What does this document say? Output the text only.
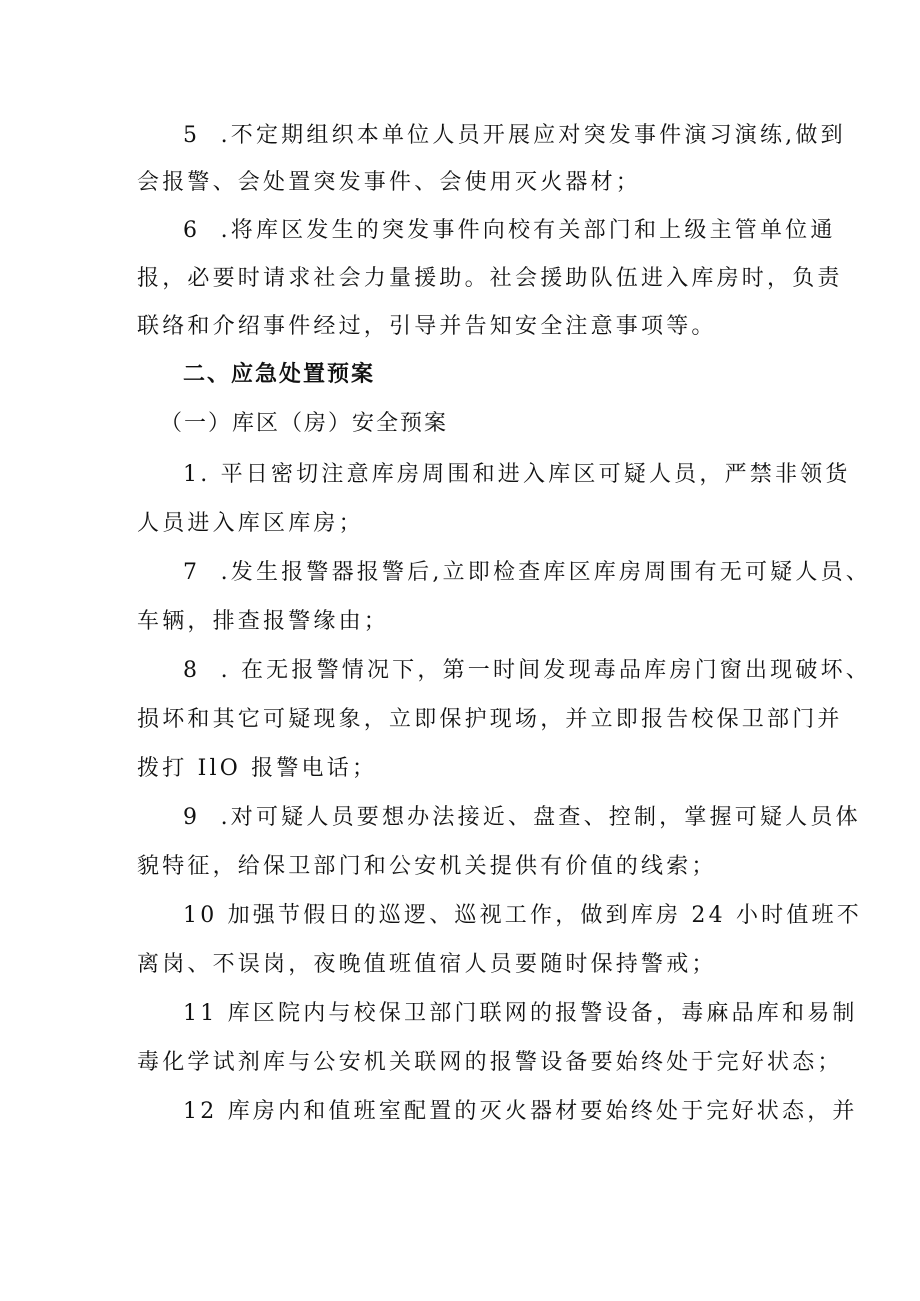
5  .不定期组织本单位人员开展应对突发事件演习演练,做到
会报警、会处置突发事件、会使用灭火器材；
6  .将库区发生的突发事件向校有关部门和上级主管单位通
报，必要时请求社会力量援助。社会援助队伍进入库房时，负责
联络和介绍事件经过，引导并告知安全注意事项等。
二、应急处置预案
（一）库区（房）安全预案
1. 平日密切注意库房周围和进入库区可疑人员，严禁非领货
人员进入库区库房；
7  .发生报警器报警后,立即检查库区库房周围有无可疑人员、
车辆，排查报警缘由；
8  . 在无报警情况下，第一时间发现毒品库房门窗出现破坏、
损坏和其它可疑现象，立即保护现场，并立即报告校保卫部门并
拨打 IlO 报警电话；
9  .对可疑人员要想办法接近、盘查、控制，掌握可疑人员体
貌特征，给保卫部门和公安机关提供有价值的线索；
10 加强节假日的巡逻、巡视工作，做到库房 24 小时值班不
离岗、不误岗，夜晚值班值宿人员要随时保持警戒；
11 库区院内与校保卫部门联网的报警设备，毒麻品库和易制
毒化学试剂库与公安机关联网的报警设备要始终处于完好状态；
12 库房内和值班室配置的灭火器材要始终处于完好状态，并
